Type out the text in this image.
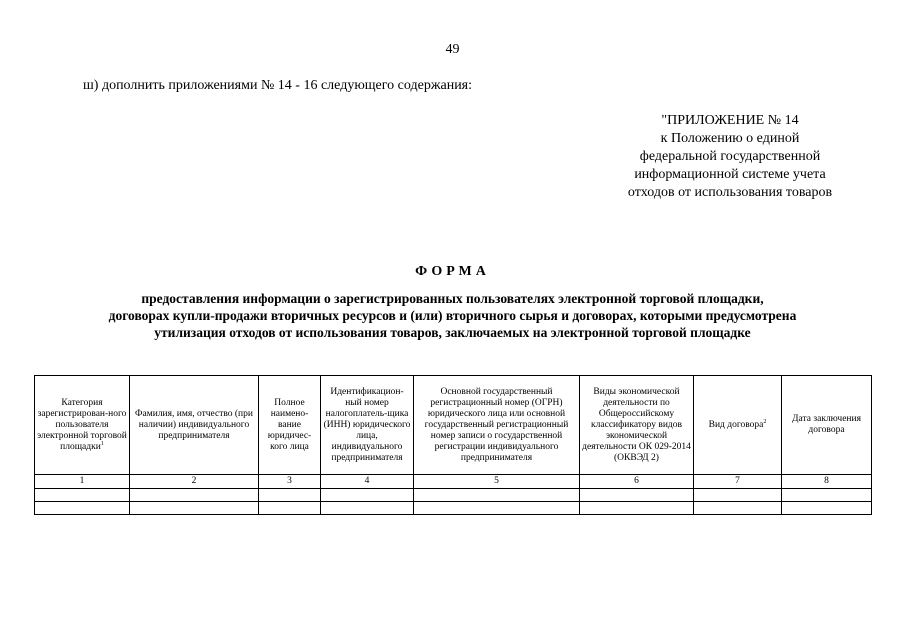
49
ш) дополнить приложениями № 14 - 16 следующего содержания:
"ПРИЛОЖЕНИЕ № 14
к Положению о единой
федеральной государственной
информационной системе учета
отходов от использования товаров
ФОРМА
предоставления информации о зарегистрированных пользователях электронной торговой площадки,
договорах купли-продажи вторичных ресурсов и (или) вторичного сырья и договорах, которыми предусмотрена
утилизация отходов от использования товаров, заключаемых на электронной торговой площадке
Категория зарегистрирован-ного пользователя электронной торговой площадки$^1$	Фамилия, имя, отчество (при наличии) индивидуального предпринимателя	Полное наимено-вание юридичес-кого лица	Идентификацион-ный номер налогоплатель-щика (ИНН) юридического лица, индивидуального предпринимателя	Основной государственный регистрационный номер (ОГРН) юридического лица или основной государственный регистрационный номер записи о государственной регистрации индивидуального предпринимателя	Виды экономической деятельности по Общероссийскому классификатору видов экономической деятельности ОК 029-2014 (ОКВЭД 2)	Вид договора$^2$	Дата заключения договора
1	2	3	4	5	6	7	8
